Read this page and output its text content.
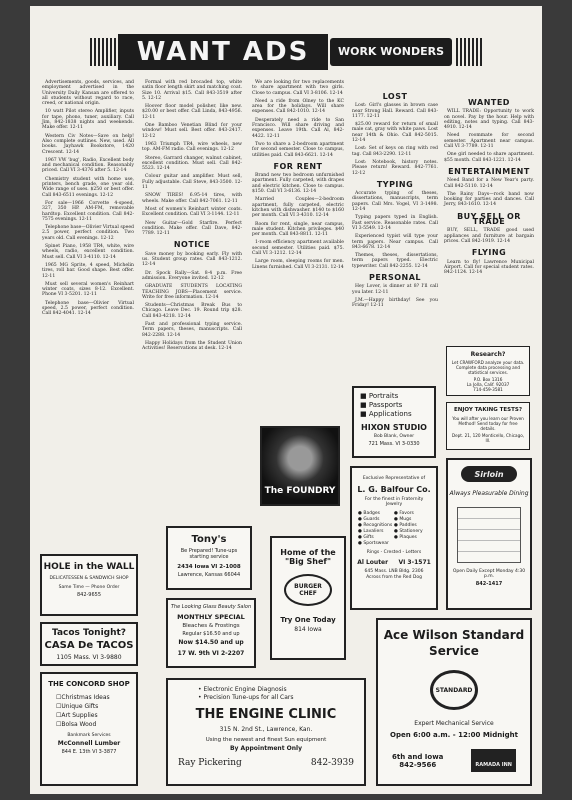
WANT ADS	WORK WONDERS

Advertisements, goods, services, and employment advertised in the University Daily Kansan are offered to all students without regard to race, creed, or national origin.

10 watt Pilot stereo Amplifier, inputs for tape, phono, tuner, auxiliary. Call Jim, 842-1838 nights and weekends. Make offer. 12-11

Western Civ Notes—Save on help! Also complete outlines. New, used. All books. Jayhawk Bookstore, 1420 Crescent. 12-14

1967 VW 'bug', Radio, Excellent body and mechanical condition. Reasonably priced. Call VI 3-4376 after 5. 12-14

Chemistry student with home use, printers, bench grade, one year old. Wide range of uses. $250 or best offer. Call 843-6511 evenings. 12-12

For sale—1966 Corvette 4-speed, 327, 350 HP. AM-FM, removable hardtop. Excellent condition. Call 842-7575 evenings. 12-11

Telephone base—Olivier Virtual speed 2.5 power, perfect condition. Two years old. Call evenings. 12-12

Spinet Piano, 1958 TR4, white, wire wheels, radio, excellent condition. Must sell. Call VI 3-4110. 12-14

1965 MG Sprite, 4 speed, Michelin tires, roll bar. Good shape. Best offer. 12-11

Must sell several women's Reinhart winter coats, sizes 8-12. Excellent. Phone VI 3-5201. 12-11

Telephone base—Olivier Virtual speed, 2.5 power, perfect condition. Call 842-4041. 12-14

Formal with red brocaded top, white satin floor length skirt and matching coat. Size 10. Arrival $15. Call 843-3519 after 5. 12-12

Hoover floor model polisher, like new. $20.00 or best offer. Call Linda, 843-4956. 12-11

One Bamboo Venetian Blind for your window! Must sell. Best offer. 843-2417. 12-12

1963 Triumph TR4, wire wheels, new top. AM-FM radio. Call evenings. 12-12

Stereo, Garrard changer, walnut cabinet, excellent condition. Must sell. Call 842-5523. 12-14

Colour guitar and amplifier. Must sell, Fully adjustable. Call Steve, 843-3500. 12-11

SNOW TIRES! 6.95-14 tires, with wheels. Make offer. Call 842-7061. 12-11

Most of women's Reinhart winter coats. Excellent condition. Call VI 3-1144. 12-11

New Guitar—Gold Starfire. Perfect condition. Make offer. Call Dave, 842-7789. 12-11

NOTICE

Save money by booking early. Fly with us. Student group rates. Call 843-1212. 12-14

Dr. Spock Rally—Sat. 8-4 p.m. Free admission. Everyone invited. 12-12

GRADUATE STUDENTS LOCATING TEACHING JOBS—Placement service. Write for free information. 12-14

Students—Christmas Break Bus to Chicago. Leave Dec. 19. Round trip $28. Call 843-4218. 12-14

Fast and professional typing service. Term papers, theses, manuscripts. Call 842-2288. 12-14

Happy Holidays from the Student Union Activities! Reservations at desk. 12-14

We are looking for two replacements to share apartment with two girls. Close to campus. Call VI 3-8106. 12-14

Need a ride from Olney to the KC area for the holidays. Will share expenses. Call 842-1010. 12-14

Desperately need a ride to San Francisco. Will share driving and expenses. Leave 19th. Call Al, 842-4422. 12-11

Two to share a 2-bedroom apartment for second semester. Close to campus, utilities paid. Call 843-6621. 12-14

FOR RENT

Brand new two bedroom unfurnished apartment. Fully carpeted, with drapes and electric kitchen. Close to campus. $150. Call VI 3-6136. 12-14

Married Couples—2-bedroom apartment, fully carpeted, electric kitchen with dishwasher. $140 to $160 per month. Call VI 3-4310. 12-14

Room for rent, single, near campus, male student. Kitchen privileges. $40 per month. Call 843-8811. 12-11

1-room efficiency apartment available second semester. Utilities paid. $75. Call VI 3-1212. 12-14

Large room, sleeping rooms for men. Linens furnished. Call VI 3-2131. 12-14

LOST

Lost: Girl's glasses in brown case near Strong Hall. Reward. Call 843-1177. 12-11

$25.00 reward for return of small male cat, gray with white paws. Lost near 14th & Ohio. Call 842-5015. 12-14

Lost: Set of keys on ring with red tag. Call 843-2290. 12-11

Lost: Notebook, history notes. Please return! Reward. 842-7761. 12-12

TYPING

Accurate typing of theses, dissertations, manuscripts, term papers. Call Mrs. Vogel, VI 3-1498. 12-14

Typing papers typed in English. Fast service. Reasonable rates. Call VI 3-5549. 12-14

Experienced typist will type your term papers. Near campus. Call 843-6678. 12-14

Themes, theses, dissertations, term papers typed. Electric typewriter. Call 842-2255. 12-14

PERSONAL

Hey Lover, is dinner at 8? I'll call you later. 12-11

J.M.—Happy birthday! See you Friday! 12-11

WANTED

WILL TRADE: Opportunity to work on novel. Pay by the hour. Help with editing, notes and typing. Call 843-4910. 12-14

Need roommate for second semester. Apartment near campus. Call VI 3-7789. 12-11

One girl needed to share apartment. $55 month. Call 843-1221. 12-14

ENTERTAINMENT

Need Band for a New Year's party. Call 842-5110. 12-14

The Rainy Days—rock band now booking for parties and dances. Call Jerry, 843-1610. 12-14

BUY SELL OR TRADE

BUY, SELL, TRADE good used appliances and furniture at bargain prices. Call 842-1919. 12-14

FLYING

Learn to fly! Lawrence Municipal Airport. Call for special student rates. 842-1124. 12-14

HOLE in the WALL
DELICATESSEN & SANDWICH SHOP
Same Time — Phone Order
842-9655
Tacos Tonight?
CASA De TACOS
1105 Mass. VI 3-9880
THE CONCORD SHOP
☐ Christmas Ideas
☐ Unique Gifts
☐ Art Supplies
☐ Bolsa Wood
Bankmark Services
McConnell Lumber
844 E. 13th VI 3-3877
Tony's
Be Prepared! Tune-ups starting service
2434 Iowa VI 2-1008
Lawrence, Kansas 66044
The Looking Glass Beauty Salon
MONTHLY SPECIAL
Bleaches & Frostings
Regular $16.50 and up
Now $14.50 and up
17 W. 9th VI 2-2207
The FOUNDRY
Home of the "Big Shef"
BURGER CHEF
Try One Today
814 Iowa
• Electronic Engine Diagnosis
• Precision Tune-ups for all Cars
THE ENGINE CLINIC
315 N. 2nd St., Lawrence, Kan.
Using the newest and finest Sun equipment
By Appointment Only
Ray Pickering	842-3939
■ Portraits
■ Passports
■ Applications
HIXON STUDIO
Bob Blank, Owner
721 Mass. VI 3-0330
Exclusive Representative of
L. G. Balfour Co.
For the finest in Fraternity Jewelry
● Badges	● Favors
● Guards	● Mugs
● Recognitions ● Paddles
● Lavaliers	● Stationery
● Gifts	● Plaques
● Sportswear
Rings - Crested - Letters
Al Louter VI 3-1571
645 Mass. LNB Bldg. 2306
Across from the Red Dog
Research?
Let CRAWFORD analyze your data. Complete data processing and statistical services.
P.O. Box 1316
La Jolla, Calif. 92037
714-459-3581
ENJOY TAKING TESTS?
You will after you learn our Proven Method! Send today for free details.
Dept. 21, 120 Monticello, Chicago, Ill.
Sirloin
Always Pleasurable Dining
Open Daily Except Monday 4:30 p.m.
842-1417
Ace Wilson Standard
Service
STANDARD
Expert Mechanical Service
Open 6:00 a.m. - 12:00 Midnight
6th and Iowa
842-9566	RAMADA INN
